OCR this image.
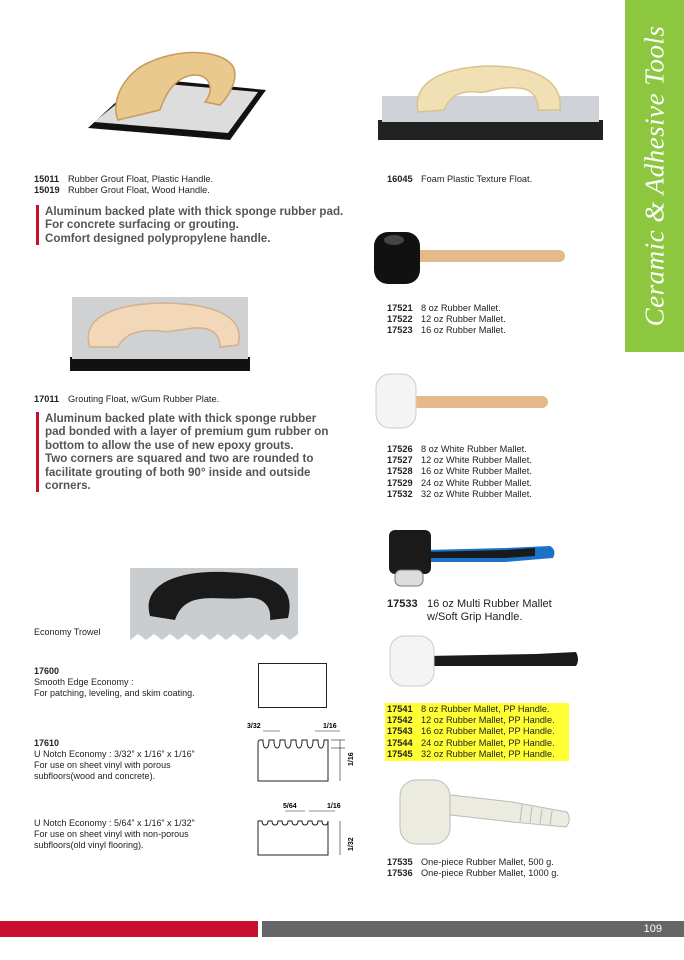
Ceramic & Adhesive Tools
15011 Rubber Grout Float, Plastic Handle.
15019 Rubber Grout Float, Wood Handle.
Aluminum backed plate with thick sponge rubber pad.
For concrete surfacing or grouting.
Comfort designed polypropylene handle.
16045 Foam Plastic Texture Float.
17521 8 oz Rubber Mallet.
17522 12 oz Rubber Mallet.
17523 16 oz Rubber Mallet.
17011 Grouting Float, w/Gum Rubber Plate.
Aluminum backed plate with thick sponge rubber
pad bonded with a layer of premium gum rubber on
bottom to allow the use of new epoxy grouts.
Two corners are squared and two are rounded to
facilitate grouting of both 90° inside and outside
corners.
17526 8 oz White Rubber Mallet.
17527 12 oz White Rubber Mallet.
17528 16 oz White Rubber Mallet.
17529 24 oz White Rubber Mallet.
17532 32 oz White Rubber Mallet.
Economy Trowel
17600
Smooth Edge Economy :
For patching, leveling, and skim coating.
17610
U Notch Economy : 3/32” x 1/16” x 1/16”
For use on sheet vinyl with porous
subfloors(wood and concrete).
3/32	1/16
1/16
U Notch Economy : 5/64” x 1/16” x 1/32”
For use on sheet vinyl with non-porous
subfloors(old vinyl flooring).
5/64	1/16
1/32
17533 16 oz Multi Rubber Mallet
w/Soft Grip Handle.
17541 8 oz Rubber Mallet, PP Handle.
17542 12 oz Rubber Mallet, PP Handle.
17543 16 oz Rubber Mallet, PP Handle.
17544 24 oz Rubber Mallet, PP Handle.
17545 32 oz Rubber Mallet, PP Handle.
17535 One-piece Rubber Mallet, 500 g.
17536 One-piece Rubber Mallet, 1000 g.
109
